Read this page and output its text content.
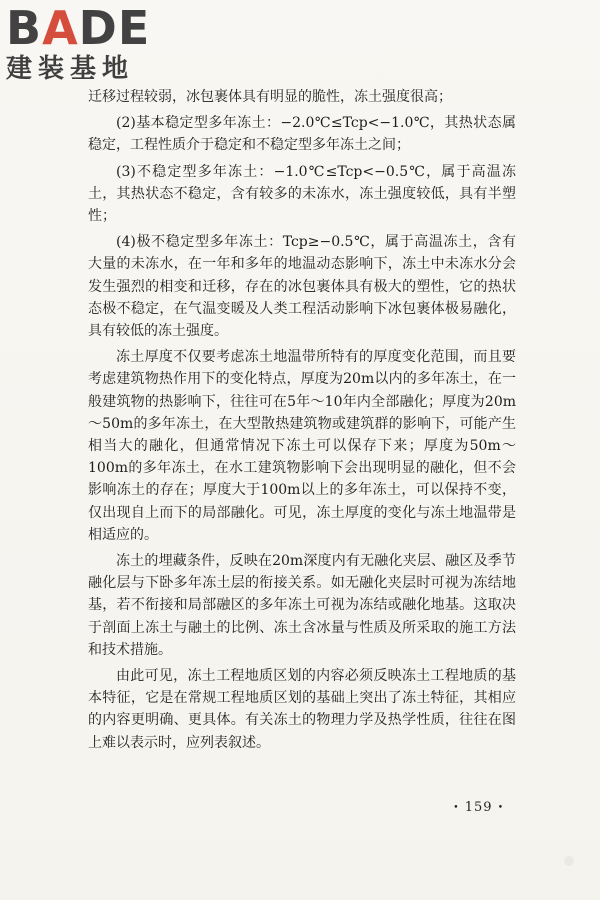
BADE
建装基地

迁移过程较弱，冰包裹体具有明显的脆性，冻土强度很高；

(2)基本稳定型多年冻土：−2.0℃≤Tcp<−1.0℃，其热状态属稳定，工程性质介于稳定和不稳定型多年冻土之间；

(3)不稳定型多年冻土：−1.0℃≤Tcp<−0.5℃，属于高温冻土，其热状态不稳定，含有较多的未冻水，冻土强度较低，具有半塑性；

(4)极不稳定型多年冻土：Tcp≥−0.5℃，属于高温冻土，含有大量的未冻水，在一年和多年的地温动态影响下，冻土中未冻水分会发生强烈的相变和迁移，存在的冰包裹体具有极大的塑性，它的热状态极不稳定，在气温变暖及人类工程活动影响下冰包裹体极易融化，具有较低的冻土强度。

冻土厚度不仅要考虑冻土地温带所特有的厚度变化范围，而且要考虑建筑物热作用下的变化特点，厚度为20m以内的多年冻土，在一般建筑物的热影响下，往往可在5年～10年内全部融化；厚度为20m～50m的多年冻土，在大型散热建筑物或建筑群的影响下，可能产生相当大的融化，但通常情况下冻土可以保存下来；厚度为50m～100m的多年冻土，在水工建筑物影响下会出现明显的融化，但不会影响冻土的存在；厚度大于100m以上的多年冻土，可以保持不变，仅出现自上而下的局部融化。可见，冻土厚度的变化与冻土地温带是相适应的。

冻土的埋藏条件，反映在20m深度内有无融化夹层、融区及季节融化层与下卧多年冻土层的衔接关系。如无融化夹层时可视为冻结地基，若不衔接和局部融区的多年冻土可视为冻结或融化地基。这取决于剖面上冻土与融土的比例、冻土含冰量与性质及所采取的施工方法和技术措施。

由此可见，冻土工程地质区划的内容必须反映冻土工程地质的基本特征，它是在常规工程地质区划的基础上突出了冻土特征，其相应的内容更明确、更具体。有关冻土的物理力学及热学性质，往往在图上难以表示时，应列表叙述。

• 159 •
